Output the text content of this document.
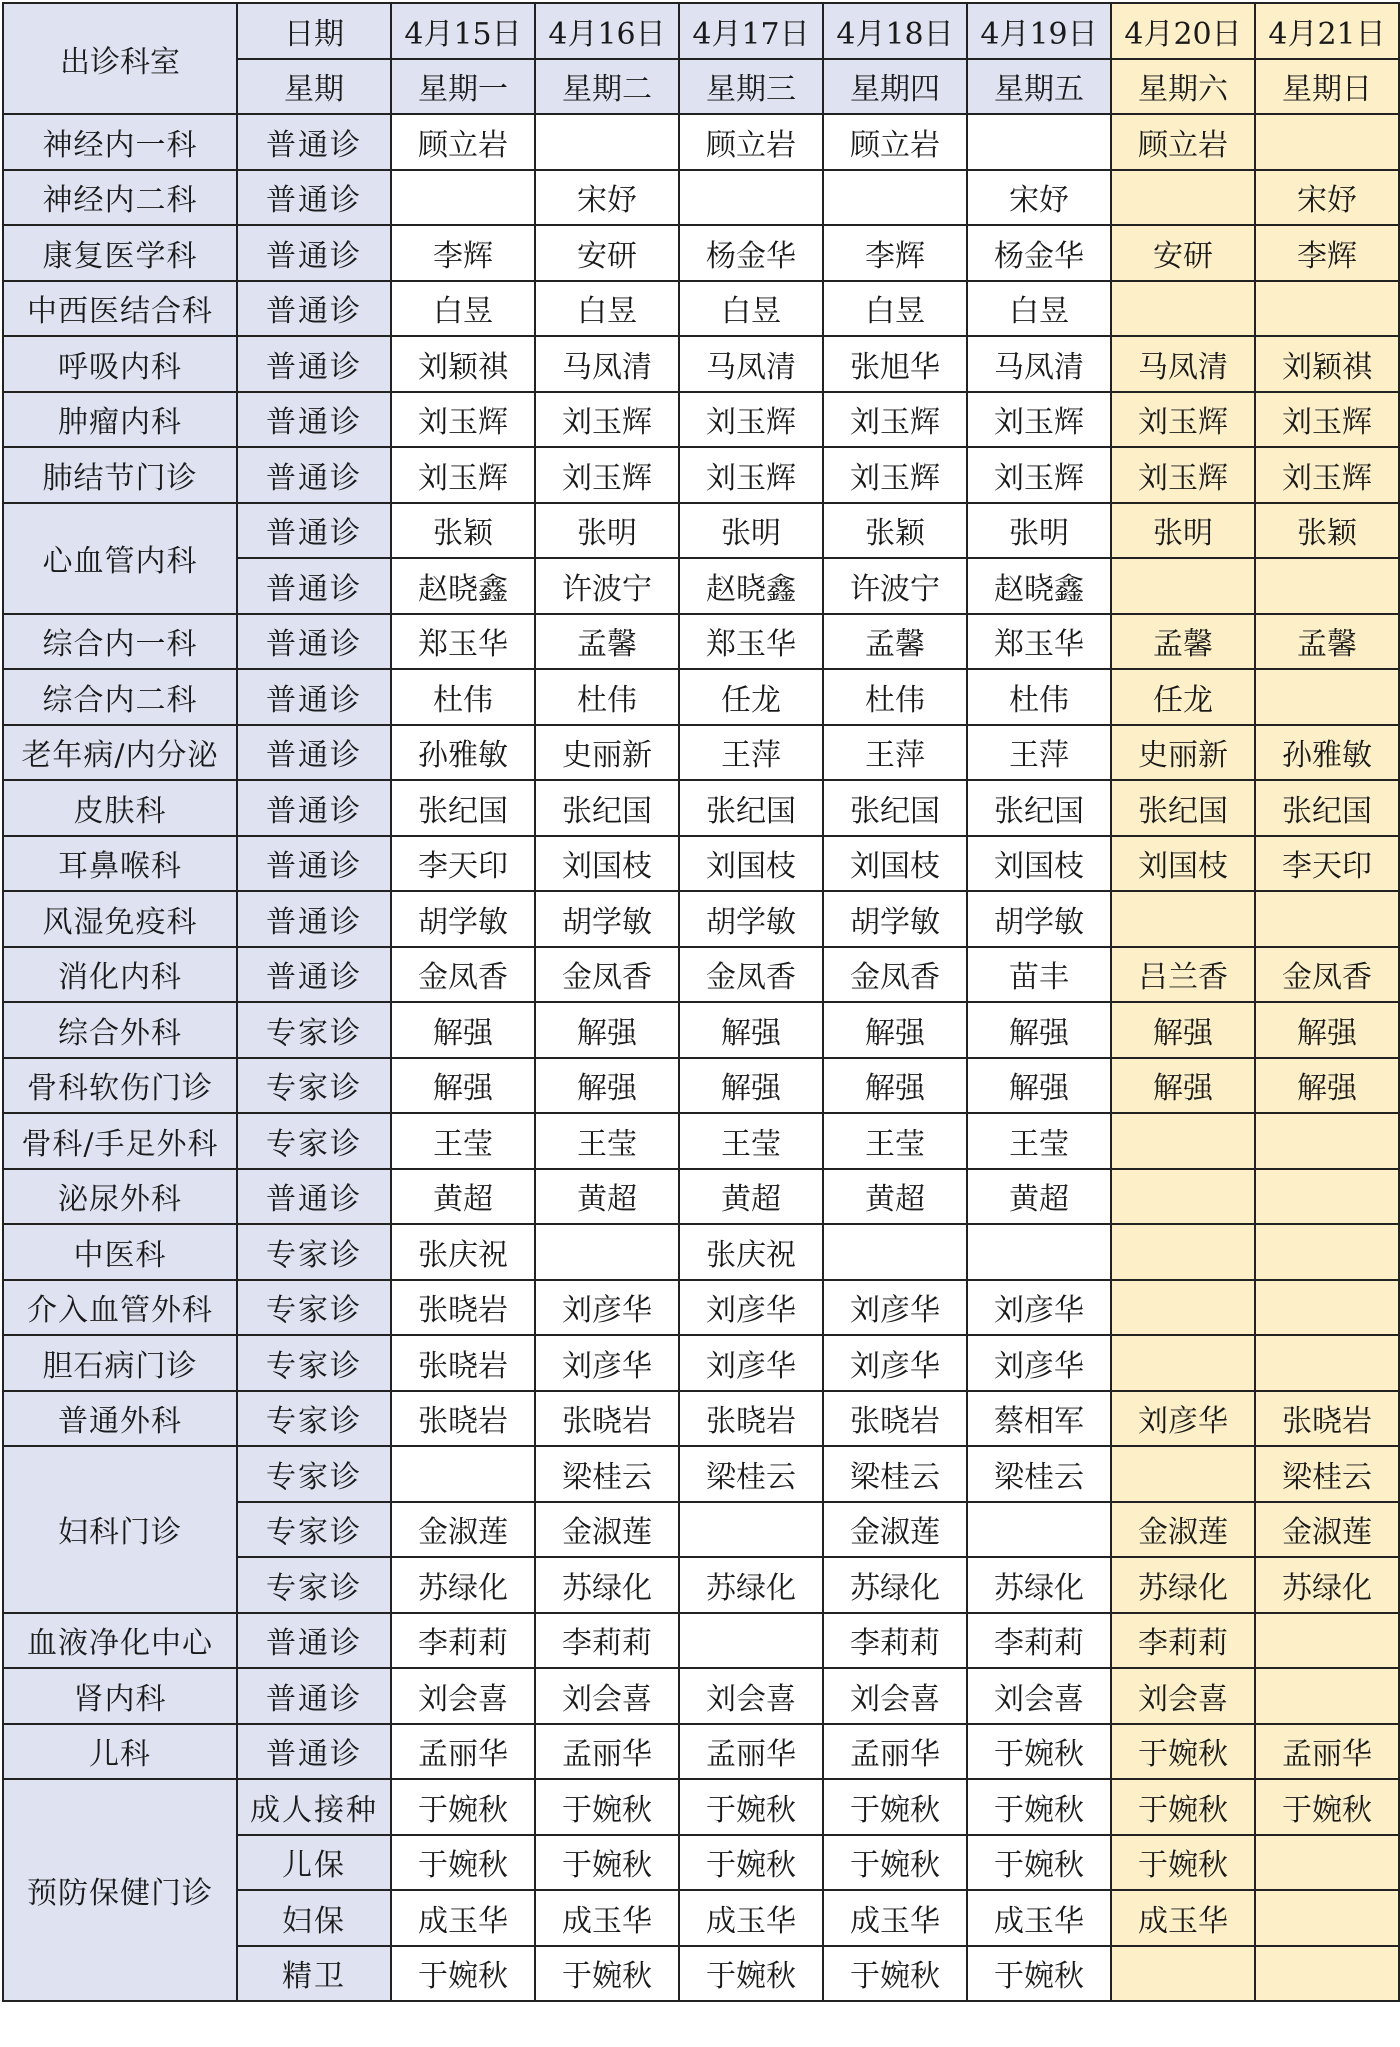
出诊科室	日期	4月15日	4月16日	4月17日	4月18日	4月19日	4月20日	4月21日
	星期	星期一	星期二	星期三	星期四	星期五	星期六	星期日
神经内一科	普通诊	顾立岩		顾立岩	顾立岩		顾立岩	
神经内二科	普通诊		宋妤			宋妤		宋妤
康复医学科	普通诊	李辉	安研	杨金华	李辉	杨金华	安研	李辉
中西医结合科	普通诊	白昱	白昱	白昱	白昱	白昱		
呼吸内科	普通诊	刘颖祺	马凤清	马凤清	张旭华	马凤清	马凤清	刘颖祺
肿瘤内科	普通诊	刘玉辉	刘玉辉	刘玉辉	刘玉辉	刘玉辉	刘玉辉	刘玉辉
肺结节门诊	普通诊	刘玉辉	刘玉辉	刘玉辉	刘玉辉	刘玉辉	刘玉辉	刘玉辉
心血管内科	普通诊	张颖	张明	张明	张颖	张明	张明	张颖
	普通诊	赵晓鑫	许波宁	赵晓鑫	许波宁	赵晓鑫		
综合内一科	普通诊	郑玉华	孟馨	郑玉华	孟馨	郑玉华	孟馨	孟馨
综合内二科	普通诊	杜伟	杜伟	任龙	杜伟	杜伟	任龙	
老年病/内分泌	普通诊	孙雅敏	史丽新	王萍	王萍	王萍	史丽新	孙雅敏
皮肤科	普通诊	张纪国	张纪国	张纪国	张纪国	张纪国	张纪国	张纪国
耳鼻喉科	普通诊	李天印	刘国枝	刘国枝	刘国枝	刘国枝	刘国枝	李天印
风湿免疫科	普通诊	胡学敏	胡学敏	胡学敏	胡学敏	胡学敏		
消化内科	普通诊	金凤香	金凤香	金凤香	金凤香	苗丰	吕兰香	金凤香
综合外科	专家诊	解强	解强	解强	解强	解强	解强	解强
骨科软伤门诊	专家诊	解强	解强	解强	解强	解强	解强	解强
骨科/手足外科	专家诊	王莹	王莹	王莹	王莹	王莹		
泌尿外科	普通诊	黄超	黄超	黄超	黄超	黄超		
中医科	专家诊	张庆祝		张庆祝				
介入血管外科	专家诊	张晓岩	刘彦华	刘彦华	刘彦华	刘彦华		
胆石病门诊	专家诊	张晓岩	刘彦华	刘彦华	刘彦华	刘彦华		
普通外科	专家诊	张晓岩	张晓岩	张晓岩	张晓岩	蔡相军	刘彦华	张晓岩
妇科门诊	专家诊		梁桂云	梁桂云	梁桂云	梁桂云		梁桂云
	专家诊	金淑莲	金淑莲		金淑莲		金淑莲	金淑莲
	专家诊	苏绿化	苏绿化	苏绿化	苏绿化	苏绿化	苏绿化	苏绿化
血液净化中心	普通诊	李莉莉	李莉莉		李莉莉	李莉莉	李莉莉	
肾内科	普通诊	刘会喜	刘会喜	刘会喜	刘会喜	刘会喜	刘会喜	
儿科	普通诊	孟丽华	孟丽华	孟丽华	孟丽华	于婉秋	于婉秋	孟丽华
预防保健门诊	成人接种	于婉秋	于婉秋	于婉秋	于婉秋	于婉秋	于婉秋	于婉秋
	儿保	于婉秋	于婉秋	于婉秋	于婉秋	于婉秋	于婉秋	
	妇保	成玉华	成玉华	成玉华	成玉华	成玉华	成玉华	
	精卫	于婉秋	于婉秋	于婉秋	于婉秋	于婉秋		
